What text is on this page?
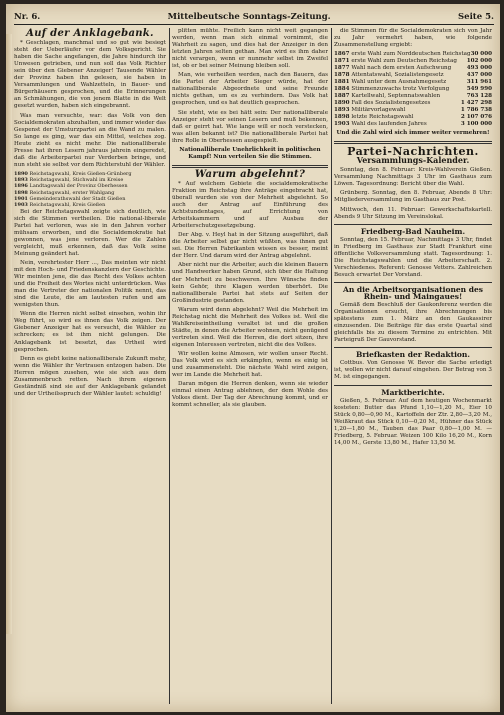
Nr. 6.	Mittelbeutsche Sonntags-Zeitung.	Seite 5.
Auf der Anklagebank.

* Geschlagen, manchmal und so gut wie besiegt steht der Ueberläufer vor dem Volksgericht. Sie haben die Sache angefangen, die Jahre hindurch ihr Unwesen getrieben, und nun soll das Volk Richter sein über den Giebener Anzeiger! Tausende Wähler der Provinz haben ihn gelesen, sie haben in Versammlungen und Wahlzetteln, in Bauer- und Bürgerhäusern gesprochen, und die Erinnerungen an Schmähungen, die von jenem Blatte in die Welt gesetzt wurden, haben sich eingebrannt.

Was man versuchte, war: das Volk von den Socialdemokraten abzuhalten, und immer wieder das Gespenst der Umsturzpartei an die Wand zu malen. So lange es ging, war das ein Mittel, welches zog. Heute zieht es nicht mehr. Die nationalliberale Presse hat ihren Lesern jahraus jahrein eingeredet, daß die Arbeiterpartei nur Verderben bringe, und nun steht sie selbst vor dem Richterstuhl der Wähler.

1890 Reichstagswahl, Kreis Gießen-Grünberg
1893 Reichstagswahl, Stichwahl im Kreise
1896 Landtagswahl der Provinz Oberhessen
1898 Reichstagswahl, erster Wahlgang
1901 Gemeinderathswahl der Stadt Gießen
1903 Reichstagswahl, Kreis Gießen

Bei der Reichstagswahl zeigte sich deutlich, wie sich die Stimmen vertheilen. Die national-liberale Partei hat verloren, was sie in den Jahren vorher mühsam erworben, und die Socialdemokratie hat gewonnen, was jene verloren. Wer die Zahlen vergleicht, muß erkennen, daß das Volk seine Meinung geändert hat.

Nein, verehrtester Herr ..., Das meinten wir nicht mit den Hoch- und Friedenskanzlern der Geschichte. Wir meinten jene, die das Recht des Volkes achten und die Freiheit des Wortes nicht unterdrücken. Was man die Vertreter der nationalen Politik nennt, das sind die Leute, die am lautesten rufen und am wenigsten thun.

Wenn die Herren nicht selbst einsehen, wohin ihr Weg führt, so wird es ihnen das Volk zeigen. Der Giebener Anzeiger hat es versucht, die Wähler zu schrecken; es ist ihm nicht gelungen. Die Anklagebank ist besetzt, das Urtheil wird gesprochen.

Denn es giebt keine nationalliberale Zukunft mehr, wenn die Wähler ihr Vertrauen entzogen haben. Die Herren mögen zusehen, wie sie sich aus dem Zusammenbruch retten. Nach ihrem eigenen Geständniß sind sie auf der Anklagebank gelandet und der Urtheilsspruch der Wähler lautet: schuldig!

plitten mühte. Freilich kann nicht weit gegangen werden, wenn man sich einmal vornimmt, die Wahrheit zu sagen, und dies hat der Anzeiger in den letzten Jahren selten gethan. Man wird es ihm daher nicht verargen, wenn er nunmehr selbst im Zweifel ist, ob er bei seiner Meinung bleiben soll.

Man, wie verheißen werden, nach den Bauern, das die Partei der Arbeiter Sieger würde, hat der nationalliberale Abgeordnete und seine Freunde nichts gethan, um es zu verhindern. Das Volk hat gesprochen, und es hat deutlich gesprochen.

Sie steht, wie es bei hätt sein: Der nationalliberale Anzeiger steht vor seinen Lesern und muß bekennen, daß er geirrt hat. Wie lange will er noch verstecken, was allen bekannt ist? Die nationalliberale Partei hat ihre Rolle in Oberhessen ausgespielt.

Nationalliberale Unehrlichkeit in politischen Kampf! Nun verteilen Sie die Stimmen.

Warum abgelehnt?

* Auf welchem Gebiete die socialdemokratische Fraktion im Reichstag ihre Anträge eingebracht hat, überall wurden sie von der Mehrheit abgelehnt. So auch der Antrag auf Einführung des Achtstundentages, auf Errichtung von Arbeitskammern und auf Ausbau der Arbeiterschutzgesetzgebung.

Der Abg. v. Heyl hat in der Sitzung ausgeführt, daß die Arbeiter selbst gar nicht wüßten, was ihnen gut sei. Die Herren Fabrikanten wissen es besser, meint der Herr. Und darum wird der Antrag abgelehnt.

Aber nicht nur die Arbeiter, auch die kleinen Bauern und Handwerker haben Grund, sich über die Haltung der Mehrheit zu beschweren. Ihre Wünsche finden kein Gehör, ihre Klagen werden überhört. Die nationalliberale Partei hat stets auf Seiten der Großindustrie gestanden.

Warum wird denn abgelehnt? Weil die Mehrheit im Reichstag nicht die Mehrheit des Volkes ist. Weil die Wahlkreiseintheilung veraltet ist und die großen Städte, in denen die Arbeiter wohnen, nicht genügend vertreten sind. Weil die Herren, die dort sitzen, ihre eigenen Interessen vertreten, nicht die des Volkes.

Wir wollen keine Almosen, wir wollen unser Recht. Das Volk wird es sich erkämpfen, wenn es einig ist und zusammensteht. Die nächste Wahl wird zeigen, wer im Lande die Mehrheit hat.

Daran mögen die Herren denken, wenn sie wieder einmal einen Antrag ablehnen, der dem Wohle des Volkes dient. Der Tag der Abrechnung kommt, und er kommt schneller, als sie glauben.

die Stimmen für die Socialdemokraten sich von Jahr zu Jahr vermehrt haben, wie folgende Zusammenstellung ergiebt:

1867 erste Wahl zum Norddeutschen Reichstag 30 000
1871 erste Wahl zum Deutschen Reichstag 102 000
1877 Wahl nach dem ersten Aufschwung	493 000
1878 Attentatswahl, Sozialistengesetz	437 000
1881 Wahl unter dem Ausnahmegesetz	311 961
1884 Stimmenzuwachs trotz Verfolgung	549 990
1887 Kartellwahl, Septennatswahlen	763 128
1890 Fall des Sozialistengesetzes	1 427 298
1893 Militärvorlagewahl	1 786 738
1898 letzte Reichstagswahl	2 107 076
1903 Wahl des laufenden Jahres	3 100 000

Und die Zahl wird sich immer weiter vermehren!

Partei-Nachrichten.
Versammlungs-Kalender.

Sonntag, den 8. Februar: Kreis-Wahlverein Gießen. Versammlung Nachmittags 3 Uhr im Gasthaus zum Löwen. Tagesordnung: Bericht über die Wahl.

Grünberg. Sonntag, den 8. Februar, Abends 8 Uhr: Mitgliederversammlung im Gasthaus zur Post.

Mittwoch, den 11. Februar: Gewerkschaftskartell. Abends 9 Uhr Sitzung im Vereinslokal.

Friedberg-Bad Nauheim.

Sonntag, den 15. Februar, Nachmittags 3 Uhr, findet in Friedberg im Gasthaus zur Stadt Frankfurt eine öffentliche Volksversammlung statt. Tagesordnung: 1. Die Reichstagswahlen und die Arbeiterschaft. 2. Verschiedenes. Referent: Genosse Vetters. Zahlreichen Besuch erwartet Der Vorstand.

An die Arbeitsorganisationen des Rhein- und Maingaues!

Gemäß dem Beschluß der Gaukonferenz werden die Organisationen ersucht, ihre Abrechnungen bis spätestens zum 1. März an den Gaukassirer einzusenden. Die Beiträge für das erste Quartal sind gleichfalls bis zu diesem Termine zu entrichten. Mit Parteigruß Der Gauvorstand.

Briefkasten der Redaktion.

Cottbus. Von Genosse W. Bevor die Sache erledigt ist, wollen wir nicht darauf eingehen. Der Betrag von 3 M. ist eingegangen.

Marktberichte.

Gießen, 5. Februar. Auf dem heutigen Wochenmarkt kosteten: Butter das Pfund 1,10—1,20 M., Eier 10 Stück 0,80—0,90 M., Kartoffeln der Ztr. 2,80—3,20 M., Weißkraut das Stück 0,10—0,20 M., Hühner das Stück 1,20—1,80 M., Tauben das Paar 0,80—1,00 M. — Friedberg, 5. Februar. Weizen 100 Kilo 16,20 M., Korn 14,00 M., Gerste 13,80 M., Hafer 13,50 M.
